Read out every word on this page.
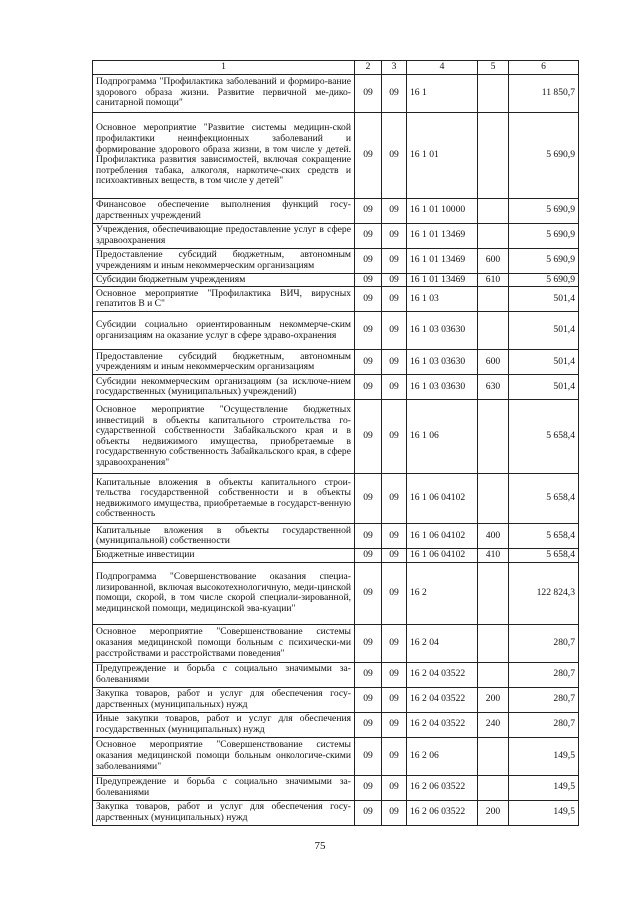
1	2	3	4	5	6
Подпрограмма "Профилактика заболеваний и формиро-вание здорового образа жизни. Развитие первичной ме-дико-санитарной помощи"	09	09	16 1		11 850,7
Основное мероприятие "Развитие системы медицин-ской профилактики неинфекционных заболеваний и формирование здорового образа жизни, в том числе у детей. Профилактика развития зависимостей, включая сокращение потребления табака, алкоголя, наркотиче-ских средств и психоактивных веществ, в том числе у детей"	09	09	16 1 01		5 690,9
Финансовое обеспечение выполнения функций госу-дарственных учреждений	09	09	16 1 01 10000		5 690,9
Учреждения, обеспечивающие предоставление услуг в сфере здравоохранения	09	09	16 1 01 13469		5 690,9
Предоставление субсидий бюджетным, автономным учреждениям и иным некоммерческим организациям	09	09	16 1 01 13469	600	5 690,9
Субсидии бюджетным учреждениям	09	09	16 1 01 13469	610	5 690,9
Основное мероприятие "Профилактика ВИЧ, вирусных гепатитов В и С"	09	09	16 1 03		501,4
Субсидии социально ориентированным некоммерче-ским организациям на оказание услуг в сфере здраво-охранения	09	09	16 1 03 03630		501,4
Предоставление субсидий бюджетным, автономным учреждениям и иным некоммерческим организациям	09	09	16 1 03 03630	600	501,4
Субсидии некоммерческим организациям (за исключе-нием государственных (муниципальных) учреждений)	09	09	16 1 03 03630	630	501,4
Основное мероприятие "Осуществление бюджетных инвестиций в объекты капитального строительства го-сударственной собственности Забайкальского края и в объекты недвижимого имущества, приобретаемые в государственную собственность Забайкальского края, в сфере здравоохранения"	09	09	16 1 06		5 658,4
Капитальные вложения в объекты капитального строи-тельства государственной собственности и в объекты недвижимого имущества, приобретаемые в государст-венную собственность	09	09	16 1 06 04102		5 658,4
Капитальные вложения в объекты государственной (муниципальной) собственности	09	09	16 1 06 04102	400	5 658,4
Бюджетные инвестиции	09	09	16 1 06 04102	410	5 658,4
Подпрограмма "Совершенствование оказания специа-лизированной, включая высокотехнологичную, меди-цинской помощи, скорой, в том числе скорой специали-зированной, медицинской помощи, медицинской эва-куации"	09	09	16 2		122 824,3
Основное мероприятие "Совершенствование системы оказания медицинской помощи больным с психически-ми расстройствами и расстройствами поведения"	09	09	16 2 04		280,7
Предупреждение и борьба с социально значимыми за-болеваниями	09	09	16 2 04 03522		280,7
Закупка товаров, работ и услуг для обеспечения госу-дарственных (муниципальных) нужд	09	09	16 2 04 03522	200	280,7
Иные закупки товаров, работ и услуг для обеспечения государственных (муниципальных) нужд	09	09	16 2 04 03522	240	280,7
Основное мероприятие "Совершенствование системы оказания медицинской помощи больным онкологиче-скими заболеваниями"	09	09	16 2 06		149,5
Предупреждение и борьба с социально значимыми за-болеваниями	09	09	16 2 06 03522		149,5
Закупка товаров, работ и услуг для обеспечения госу-дарственных (муниципальных) нужд	09	09	16 2 06 03522	200	149,5
75
